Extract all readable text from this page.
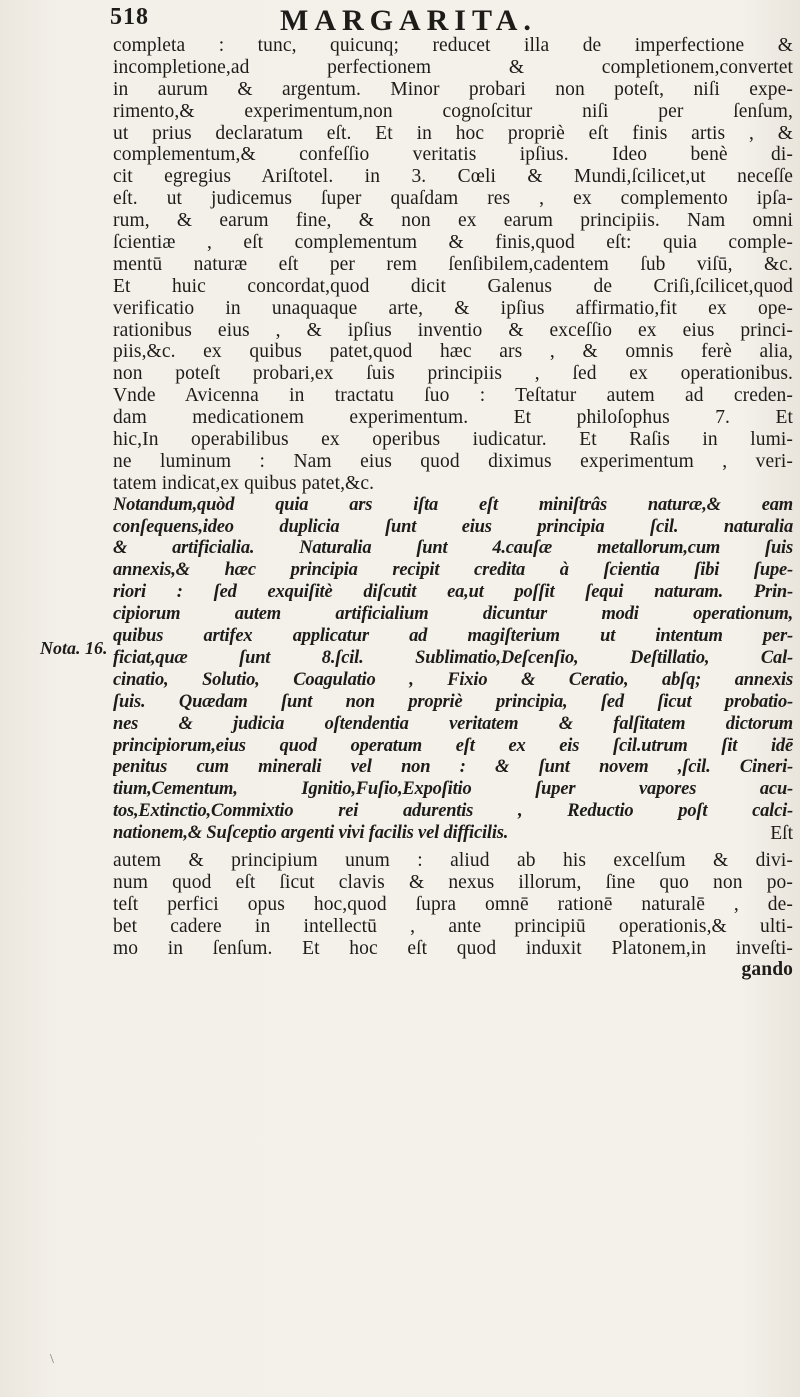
518	MARGARITA.
Nota. 16.
completa : tunc, quicunq; reducet illa de imperfectione &
incompletione,ad perfectionem & completionem,convertet
in aurum & argentum. Minor probari non poteſt, niſi expe-
rimento,& experimentum,non cognoſcitur niſi per ſenſum,
ut prius declaratum eſt. Et in hoc propriè eſt finis artis , &
complementum,& confeſſio veritatis ipſius. Ideo benè di-
cit egregius Ariſtotel. in 3. Cœli & Mundi,ſcilicet,ut neceſſe
eſt. ut judicemus ſuper quaſdam res , ex complemento ipſa-
rum, & earum fine, & non ex earum principiis. Nam omni
ſcientiæ , eſt complementum & finis,quod eſt: quia comple-
mentū naturæ eſt per rem ſenſibilem,cadentem ſub viſū, &c.
Et huic concordat,quod dicit Galenus de Criſi,ſcilicet,quod
verificatio in unaquaque arte, & ipſius affirmatio,fit ex ope-
rationibus eius , & ipſius inventio & exceſſio ex eius princi-
piis,&c. ex quibus patet,quod hæc ars , & omnis ferè alia,
non poteſt probari,ex ſuis principiis , ſed ex operationibus.
Vnde Avicenna in tractatu ſuo : Teſtatur autem ad creden-
dam medicationem experimentum. Et philoſophus 7. Et
hic,In operabilibus ex operibus iudicatur. Et Raſis in lumi-
ne luminum : Nam eius quod diximus experimentum , veri-
tatem indicat,ex quibus patet,&c.
Notandum,quòd quia ars iſta eſt miniſtrâs naturæ,& eam
conſequens,ideo duplicia ſunt eius principia ſcil. naturalia
& artificialia. Naturalia ſunt 4.cauſæ metallorum,cum ſuis
annexis,& hæc principia recipit credita à ſcientia ſibi ſupe-
riori : ſed exquiſitè diſcutit ea,ut poſſit ſequi naturam. Prin-
cipiorum autem artificialium dicuntur modi operationum,
quibus artifex applicatur ad magiſterium ut intentum per-
ficiat,quæ ſunt 8.ſcil. Sublimatio,Deſcenſio, Deſtillatio, Cal-
cinatio, Solutio, Coagulatio , Fixio & Ceratio, abſq; annexis
ſuis. Quædam ſunt non propriè principia, ſed ſicut probatio-
nes & judicia oſtendentia veritatem & falſitatem dictorum
principiorum,eius quod operatum eſt ex eis ſcil.utrum ſit idē
penitus cum minerali vel non : & ſunt novem ,ſcil. Cineri-
tium,Cementum, Ignitio,Fuſio,Expoſitio ſuper vapores acu-
tos,Extinctio,Commixtio rei adurentis , Reductio poſt calci-
nationem,& Suſceptio argenti vivi facilis vel difficilis.	Eſt
autem & principium unum : aliud ab his excelſum & divi-
num quod eſt ſicut clavis & nexus illorum, ſine quo non po-
teſt perfici opus hoc,quod ſupra omnē rationē naturalē , de-
bet cadere in intellectū , ante principiū operationis,& ulti-
mo in ſenſum. Et hoc eſt quod induxit Platonem,in inveſti-
gando
\
